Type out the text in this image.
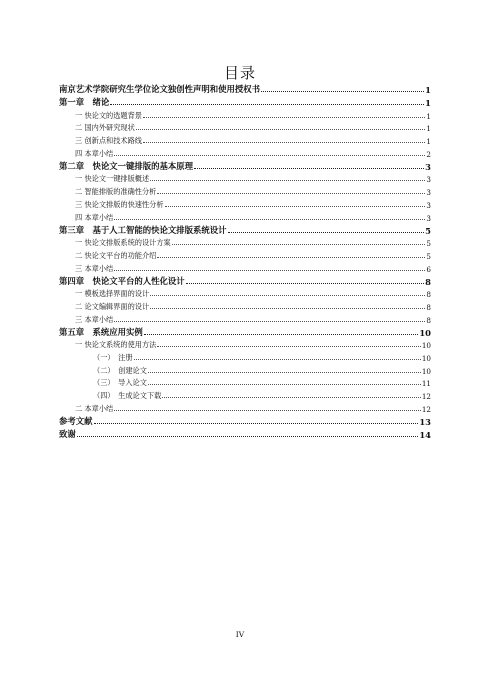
目录
南京艺术学院研究生学位论文独创性声明和使用授权书	1
第一章　绪论	1
一 快论文的选题背景	1
二 国内外研究现状	1
三 创新点和技术路线	1
四 本章小结	2
第二章　快论文一键排版的基本原理	3
一 快论文一键排版概述	3
二 智能排版的准确性分析	3
三 快论文排版的快速性分析	3
四 本章小结	3
第三章　基于人工智能的快论文排版系统设计	5
一 快论文排版系统的设计方案	5
二 快论文平台的功能介绍	5
三 本章小结	6
第四章　快论文平台的人性化设计	8
一 模板选择界面的设计	8
二 论文编辑界面的设计	8
三 本章小结	8
第五章　系统应用实例	10
一 快论文系统的使用方法	10
（一）　注册	10
（二）　创建论文	10
（三）　导入论文	11
（四）　生成论文下载	12
二 本章小结	12
参考文献	13
致谢	14
IV
